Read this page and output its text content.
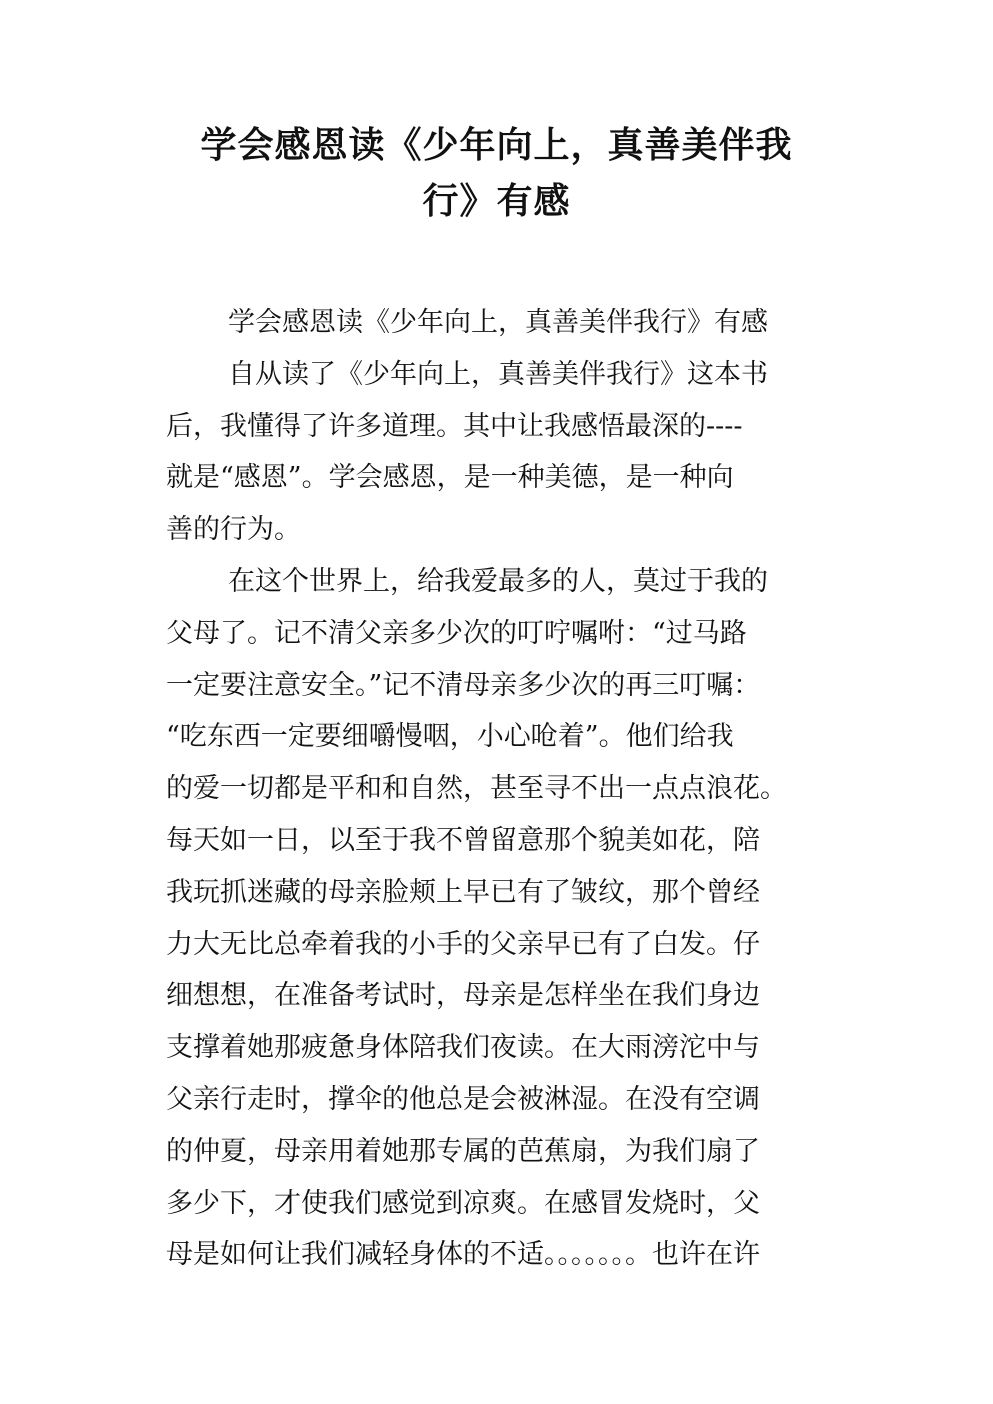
学会感恩读《少年向上，真善美伴我
行》有感
学会感恩读《少年向上，真善美伴我行》有感
自从读了《少年向上，真善美伴我行》这本书
后，我懂得了许多道理。其中让我感悟最深的----
就是“感恩”。学会感恩，是一种美德，是一种向
善的行为。
在这个世界上，给我爱最多的人，莫过于我的
父母了。记不清父亲多少次的叮咛嘱咐：“过马路
一定要注意安全。”记不清母亲多少次的再三叮嘱：
“吃东西一定要细嚼慢咽，小心呛着”。他们给我
的爱一切都是平和和自然，甚至寻不出一点点浪花。
每天如一日，以至于我不曾留意那个貌美如花，陪
我玩抓迷藏的母亲脸颊上早已有了皱纹，那个曾经
力大无比总牵着我的小手的父亲早已有了白发。仔
细想想，在准备考试时，母亲是怎样坐在我们身边
支撑着她那疲惫身体陪我们夜读。在大雨滂沱中与
父亲行走时，撑伞的他总是会被淋湿。在没有空调
的仲夏，母亲用着她那专属的芭蕉扇，为我们扇了
多少下，才使我们感觉到凉爽。在感冒发烧时，父
母是如何让我们减轻身体的不适。。。。。。。也许在许
